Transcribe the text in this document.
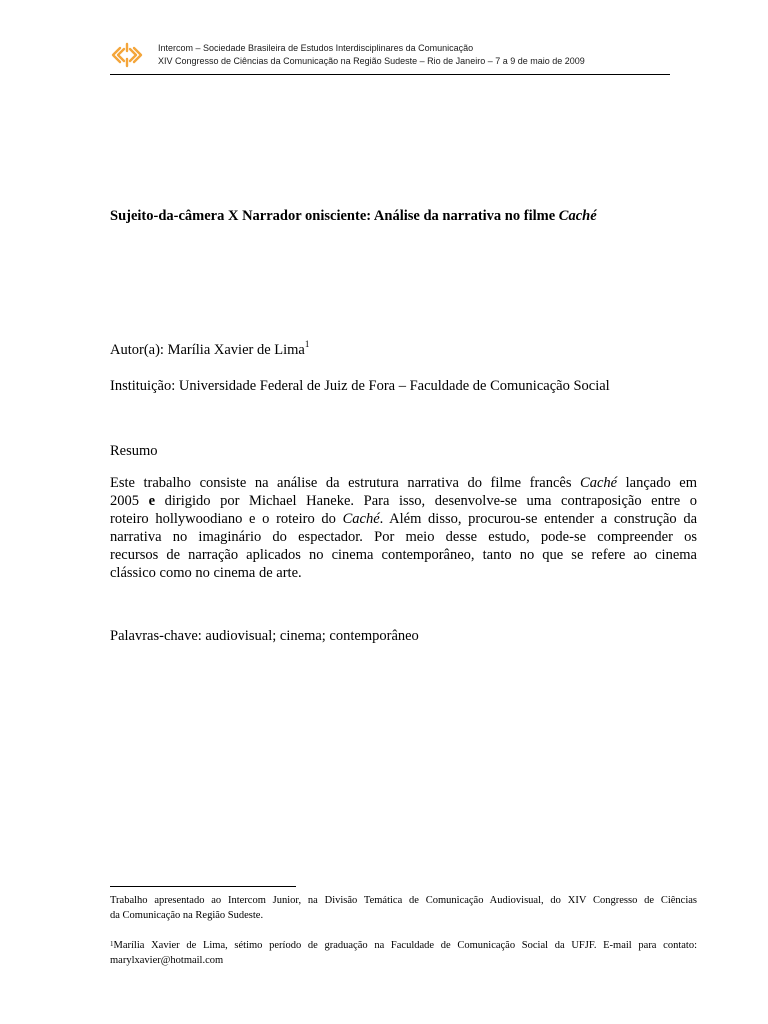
Intercom – Sociedade Brasileira de Estudos Interdisciplinares da Comunicação
XIV Congresso de Ciências da Comunicação na Região Sudeste – Rio de Janeiro – 7 a 9 de maio de 2009
Sujeito-da-câmera X Narrador onisciente: Análise da narrativa no filme Caché
Autor(a): Marília Xavier de Lima$^1$
Instituição: Universidade Federal de Juiz de Fora – Faculdade de Comunicação Social
Resumo
Este trabalho consiste na análise da estrutura narrativa do filme francês Caché lançado em
2005 e dirigido por Michael Haneke. Para isso, desenvolve-se uma contraposição entre o
roteiro hollywoodiano e o roteiro do Caché. Além disso, procurou-se entender a construção da
narrativa no imaginário do espectador. Por meio desse estudo, pode-se compreender os
recursos de narração aplicados no cinema contemporâneo, tanto no que se refere ao cinema
clássico como no cinema de arte.
Palavras-chave: audiovisual; cinema; contemporâneo
Trabalho apresentado ao Intercom Junior, na Divisão Temática de Comunicação Audiovisual, do XIV Congresso de Ciências
da Comunicação na Região Sudeste.
$^1$Marília Xavier de Lima, sétimo período de graduação na Faculdade de Comunicação Social da UFJF. E-mail para contato:
marylxavier@hotmail.com
